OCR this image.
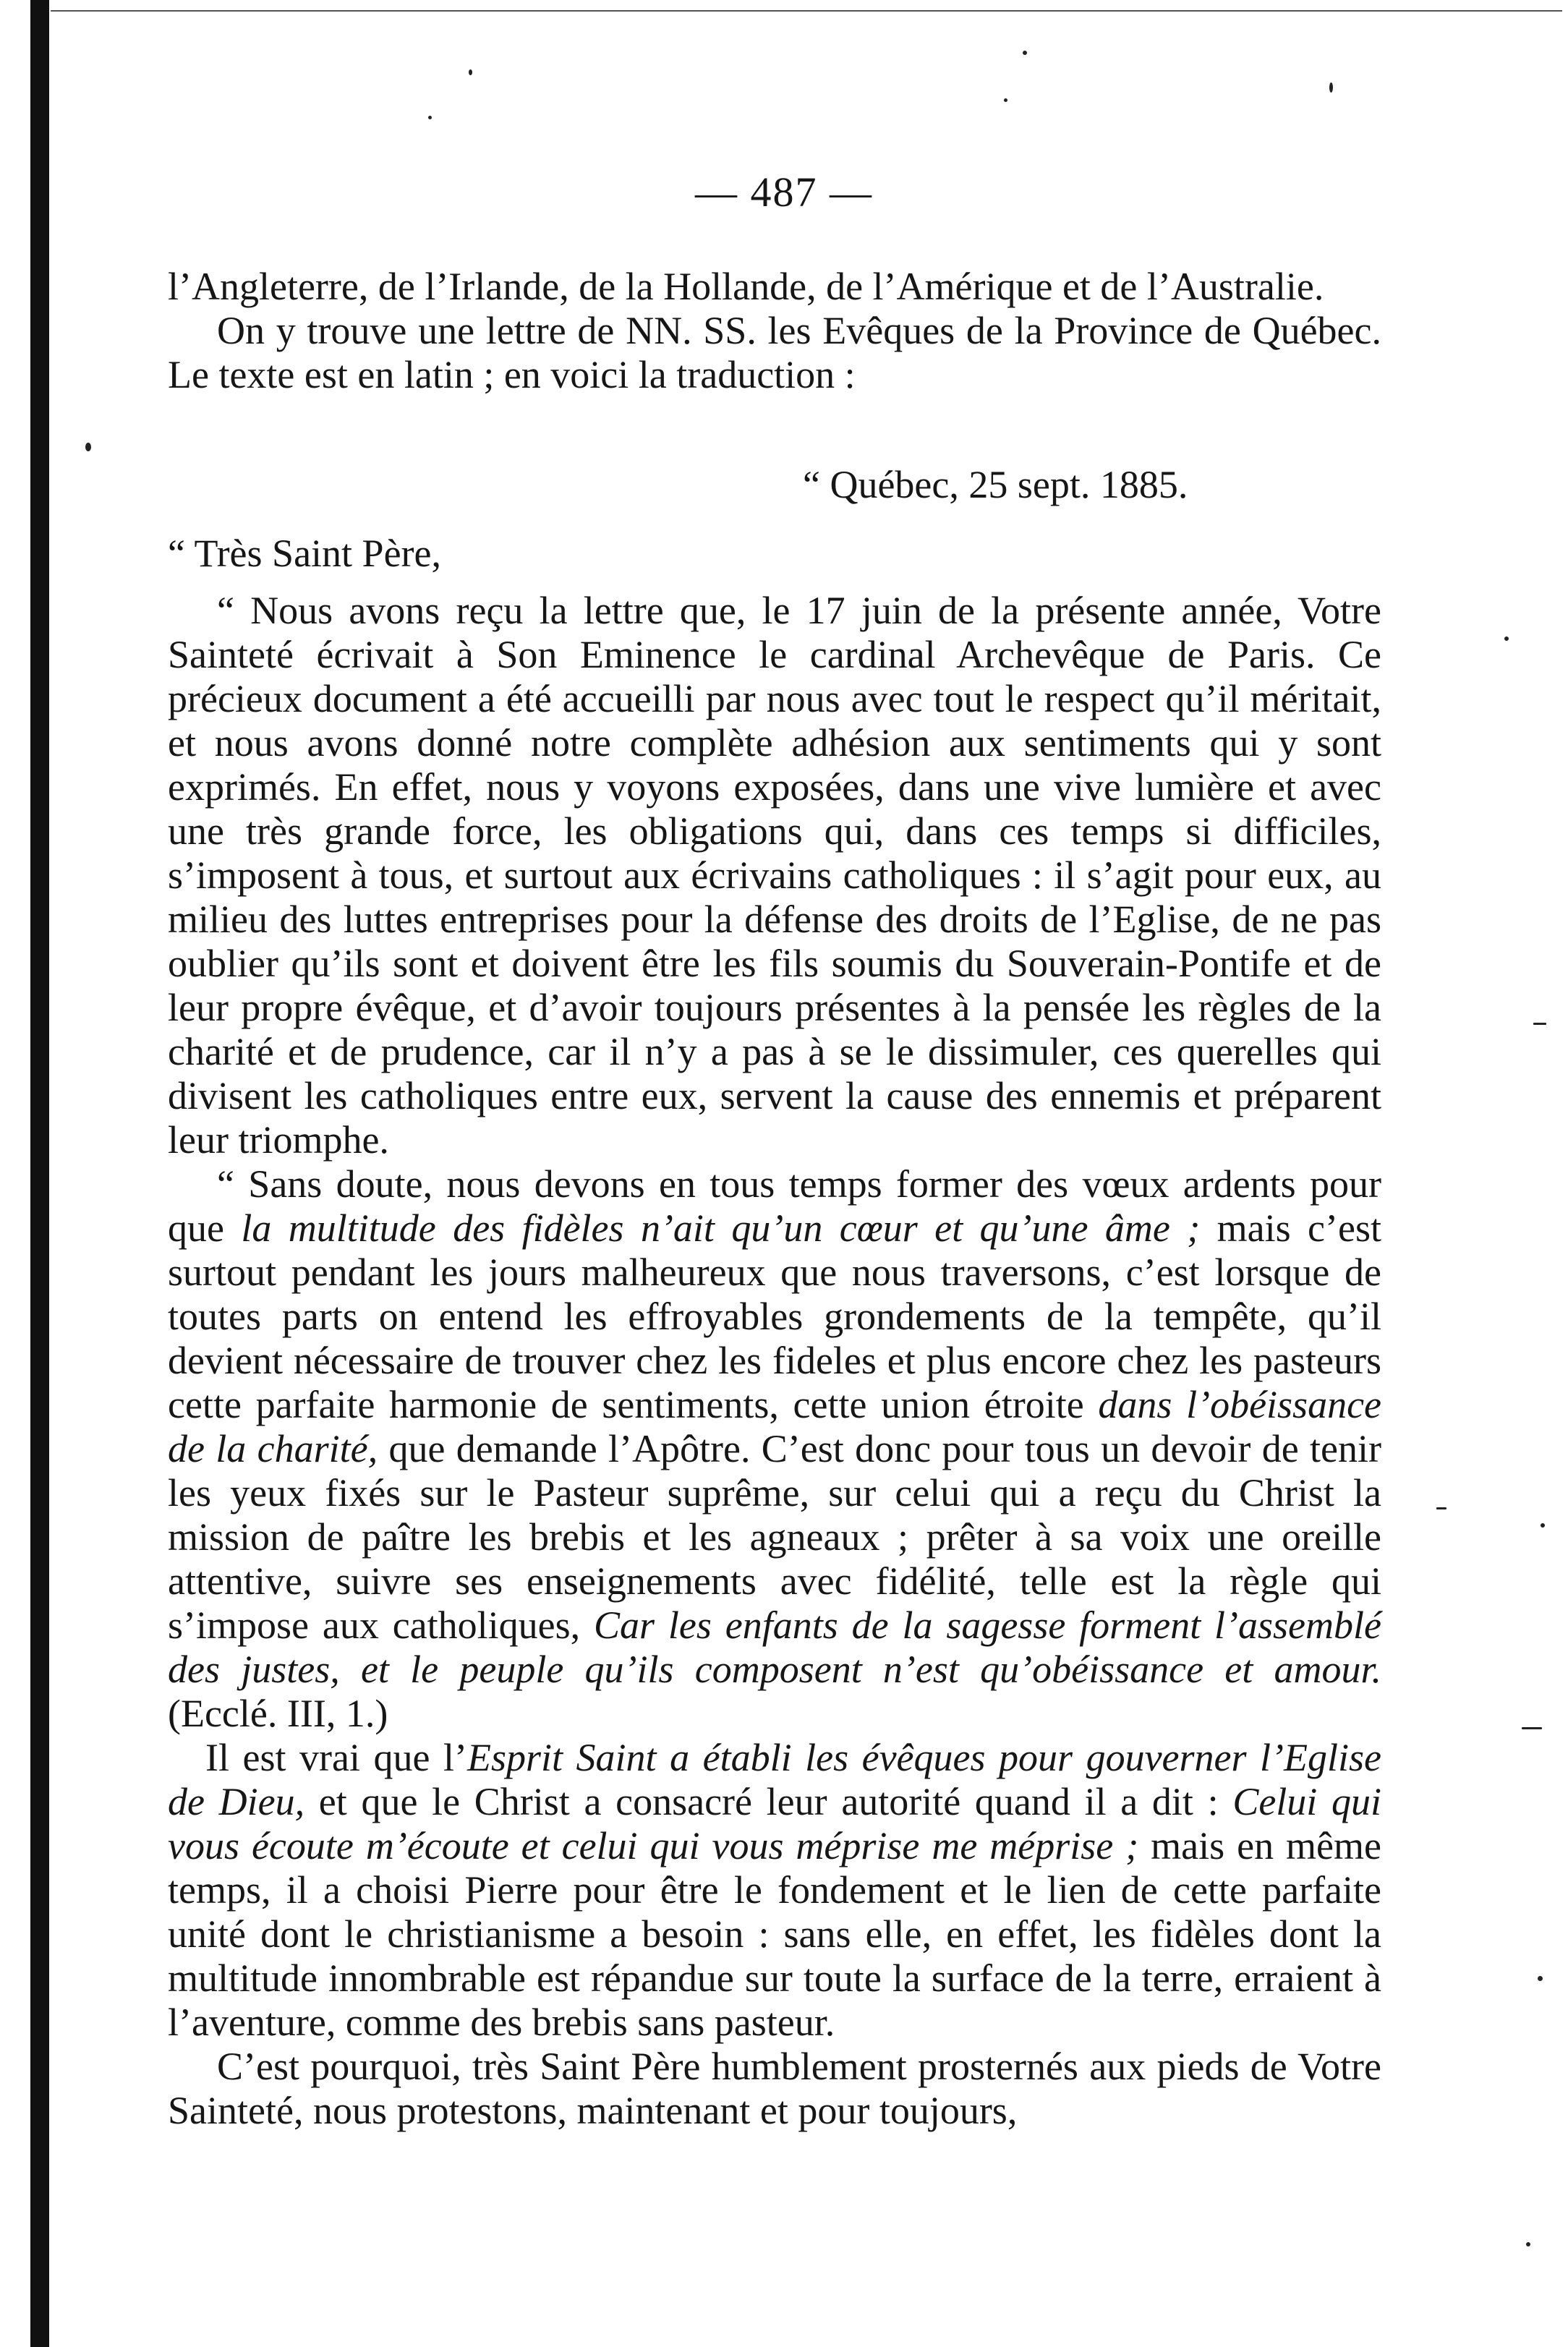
— 487 —

l’Angleterre, de l’Irlande, de la Hollande, de l’Amérique et de l’Australie.

On y trouve une lettre de NN. SS. les Evêques de la Province de Québec. Le texte est en latin ; en voici la traduction :

“ Québec, 25 sept. 1885.
“ Très Saint Père,

“ Nous avons reçu la lettre que, le 17 juin de la présente année, Votre Sainteté écrivait à Son Eminence le cardinal Archevêque de Paris. Ce précieux document a été accueilli par nous avec tout le respect qu’il méritait, et nous avons donné notre complète adhésion aux sentiments qui y sont exprimés. En effet, nous y voyons exposées, dans une vive lumière et avec une très grande force, les obligations qui, dans ces temps si difficiles, s’imposent à tous, et surtout aux écrivains catholiques : il s’agit pour eux, au milieu des luttes entreprises pour la défense des droits de l’Eglise, de ne pas oublier qu’ils sont et doivent être les fils soumis du Souverain-Pontife et de leur propre évêque, et d’avoir toujours présentes à la pensée les règles de la charité et de prudence, car il n’y a pas à se le dissimuler, ces querelles qui divisent les catholiques entre eux, servent la cause des ennemis et préparent leur triomphe.

“ Sans doute, nous devons en tous temps former des vœux ardents pour que la multitude des fidèles n’ait qu’un cœur et qu’une âme ; mais c’est surtout pendant les jours malheureux que nous traversons, c’est lorsque de toutes parts on entend les effroyables grondements de la tempête, qu’il devient nécessaire de trouver chez les fideles et plus encore chez les pasteurs cette parfaite harmonie de sentiments, cette union étroite dans l’obéissance de la charité, que demande l’Apôtre. C’est donc pour tous un devoir de tenir les yeux fixés sur le Pasteur suprême, sur celui qui a reçu du Christ la mission de paître les brebis et les agneaux ; prêter à sa voix une oreille attentive, suivre ses enseignements avec fidélité, telle est la règle qui s’impose aux catholiques, Car les enfants de la sagesse forment l’assemblé des justes, et le peuple qu’ils composent n’est qu’obéissance et amour. (Ecclé. III, 1.)

Il est vrai que l’Esprit Saint a établi les évêques pour gouverner l’Eglise de Dieu, et que le Christ a consacré leur autorité quand il a dit : Celui qui vous écoute m’écoute et celui qui vous méprise me méprise ; mais en même temps, il a choisi Pierre pour être le fondement et le lien de cette parfaite unité dont le christianisme a besoin : sans elle, en effet, les fidèles dont la multitude innombrable est répandue sur toute la surface de la terre, erraient à l’aventure, comme des brebis sans pasteur.

C’est pourquoi, très Saint Père humblement prosternés aux pieds de Votre Sainteté, nous protestons, maintenant et pour toujours,
